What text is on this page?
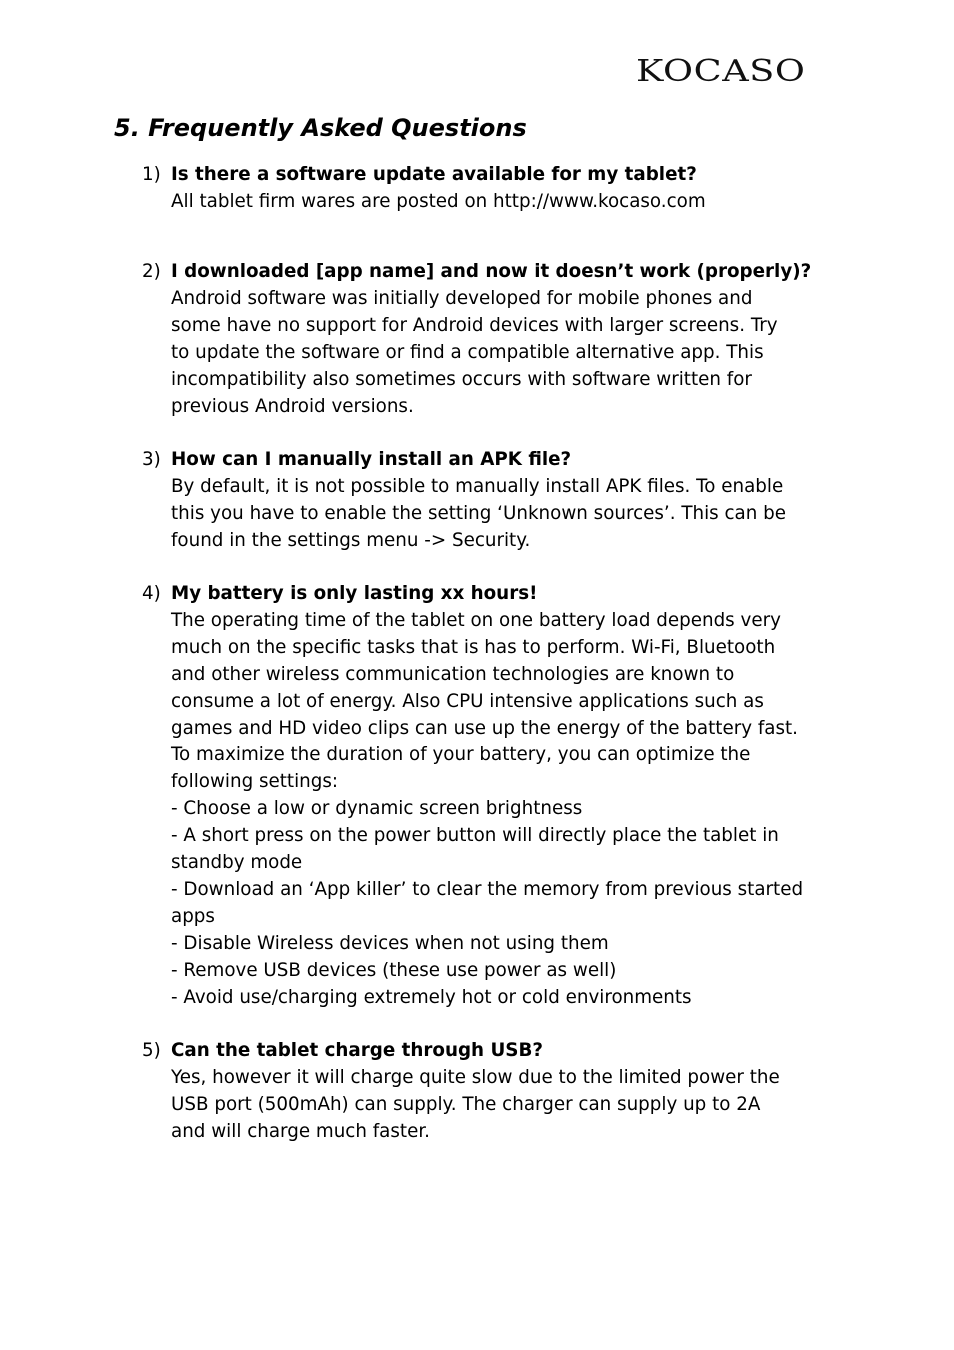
KOCASO
5. Frequently Asked Questions
1) Is there a software update available for my tablet?
All tablet firm wares are posted on http://www.kocaso.com
2) I downloaded [app name] and now it doesn’t work (properly)?
Android software was initially developed for mobile phones and
some have no support for Android devices with larger screens. Try
to update the software or find a compatible alternative app. This
incompatibility also sometimes occurs with software written for
previous Android versions.
3) How can I manually install an APK file?
By default, it is not possible to manually install APK files. To enable
this you have to enable the setting ‘Unknown sources’. This can be
found in the settings menu -> Security.
4) My battery is only lasting xx hours!
The operating time of the tablet on one battery load depends very
much on the specific tasks that is has to perform. Wi-Fi, Bluetooth
and other wireless communication technologies are known to
consume a lot of energy. Also CPU intensive applications such as
games and HD video clips can use up the energy of the battery fast.
To maximize the duration of your battery, you can optimize the
following settings:
- Choose a low or dynamic screen brightness
- A short press on the power button will directly place the tablet in
standby mode
- Download an ‘App killer’ to clear the memory from previous started
apps
- Disable Wireless devices when not using them
- Remove USB devices (these use power as well)
- Avoid use/charging extremely hot or cold environments
5) Can the tablet charge through USB?
Yes, however it will charge quite slow due to the limited power the
USB port (500mAh) can supply. The charger can supply up to 2A
and will charge much faster.
